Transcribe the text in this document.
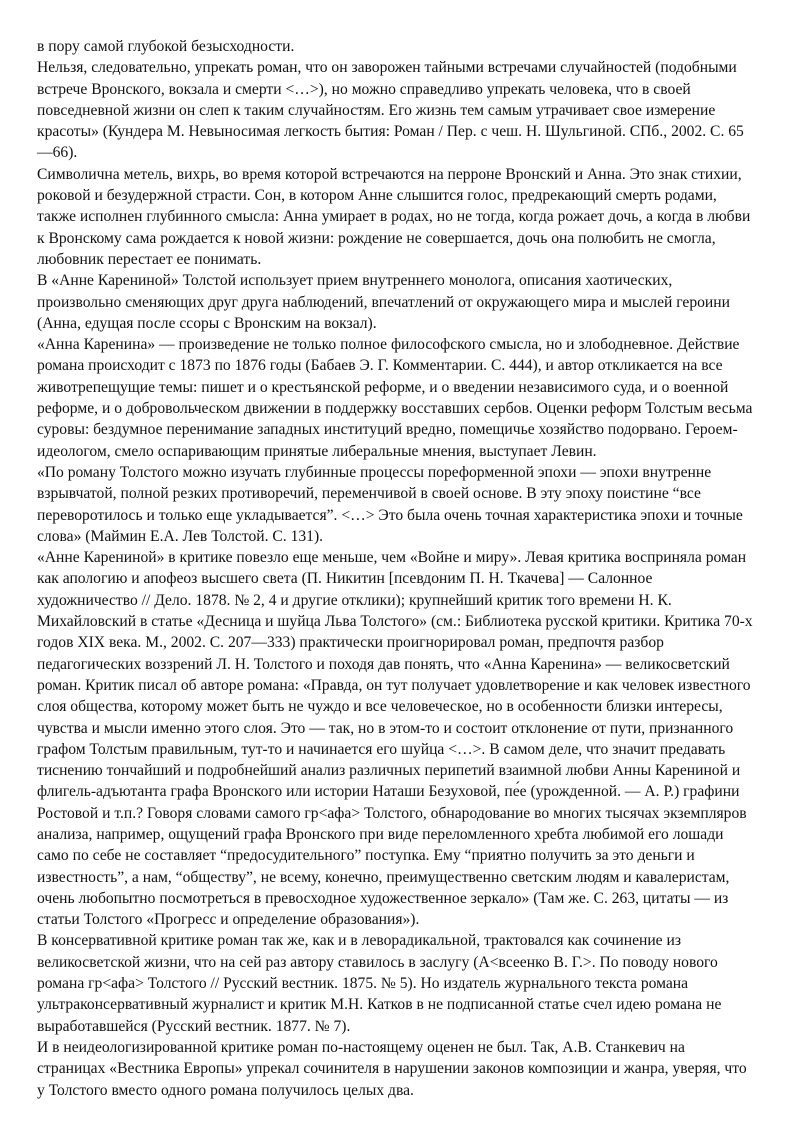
в пору самой глубокой безысходности.

Нельзя, следовательно, упрекать роман, что он заворожен тайными встречами случайностей (подобными встрече Вронского, вокзала и смерти <…>), но можно справедливо упрекать человека, что в своей повседневной жизни он слеп к таким случайностям. Его жизнь тем самым утрачивает свое измерение красоты» (Кундера М. Невыносимая легкость бытия: Роман / Пер. с чеш. Н. Шульгиной. СПб., 2002. С. 65—66).

Символична метель, вихрь, во время которой встречаются на перроне Вронский и Анна. Это знак стихии, роковой и безудержной страсти. Сон, в котором Анне слышится голос, предрекающий смерть родами, также исполнен глубинного смысла: Анна умирает в родах, но не тогда, когда рожает дочь, а когда в любви к Вронскому сама рождается к новой жизни: рождение не совершается, дочь она полюбить не смогла, любовник перестает ее понимать.

В «Анне Карениной» Толстой использует прием внутреннего монолога, описания хаотических, произвольно сменяющих друг друга наблюдений, впечатлений от окружающего мира и мыслей героини (Анна, едущая после ссоры с Вронским на вокзал).

«Анна Каренина» — произведение не только полное философского смысла, но и злободневное. Действие романа происходит с 1873 по 1876 годы (Бабаев Э. Г. Комментарии. С. 444), и автор откликается на все животрепещущие темы: пишет и о крестьянской реформе, и о введении независимого суда, и о военной реформе, и о добровольческом движении в поддержку восставших сербов. Оценки реформ Толстым весьма суровы: бездумное перенимание западных институций вредно, помещичье хозяйство подорвано. Героем-идеологом, смело оспаривающим принятые либеральные мнения, выступает Левин.

«По роману Толстого можно изучать глубинные процессы пореформенной эпохи — эпохи внутренне взрывчатой, полной резких противоречий, переменчивой в своей основе. В эту эпоху поистине “все переворотилось и только еще укладывается”. <…> Это была очень точная характеристика эпохи и точные слова» (Маймин Е.А. Лев Толстой. С. 131).

«Анне Карениной» в критике повезло еще меньше, чем «Войне и миру». Левая критика восприняла роман как апологию и апофеоз высшего света (П. Никитин [псевдоним П. Н. Ткачева] — Салонное художничество // Дело. 1878. № 2, 4 и другие отклики); крупнейший критик того времени Н. К. Михайловский в статье «Десница и шуйца Льва Толстого» (см.: Библиотека русской критики. Критика 70-х годов XIX века. М., 2002. С. 207—333) практически проигнорировал роман, предпочтя разбор педагогических воззрений Л. Н. Толстого и походя дав понять, что «Анна Каренина» — великосветский роман. Критик писал об авторе романа: «Правда, он тут получает удовлетворение и как человек известного слоя общества, которому может быть не чуждо и все человеческое, но в особенности близки интересы, чувства и мысли именно этого слоя. Это — так, но в этом-то и состоит отклонение от пути, признанного графом Толстым правильным, тут-то и начинается его шуйца <…>. В самом деле, что значит предавать тиснению тончайший и подробнейший анализ различных перипетий взаимной любви Анны Карениной и флигель-адъютанта графа Вронского или истории Наташи Безуховой, пе́е (урожденной. — А. Р.) графини Ростовой и т.п.? Говоря словами самого гр<афа> Толстого, обнародование во многих тысячах экземпляров анализа, например, ощущений графа Вронского при виде переломленного хребта любимой его лошади само по себе не составляет “предосудительного” поступка. Ему “приятно получить за это деньги и известность”, а нам, “обществу”, не всему, конечно, преимущественно светским людям и кавалеристам, очень любопытно посмотреться в превосходное художественное зеркало» (Там же. С. 263, цитаты — из статьи Толстого «Прогресс и определение образования»).

В консервативной критике роман так же, как и в леворадикальной, трактовался как сочинение из великосветской жизни, что на сей раз автору ставилось в заслугу (А<всеенко В. Г.>. По поводу нового романа гр<афа> Толстого // Русский вестник. 1875. № 5). Но издатель журнального текста романа ультраконсервативный журналист и критик М.Н. Катков в не подписанной статье счел идею романа не выработавшейся (Русский вестник. 1877. № 7).

И в неидеологизированной критике роман по-настоящему оценен не был. Так, А.В. Станкевич на страницах «Вестника Европы» упрекал сочинителя в нарушении законов композиции и жанра, уверяя, что у Толстого вместо одного романа получилось целых два.
